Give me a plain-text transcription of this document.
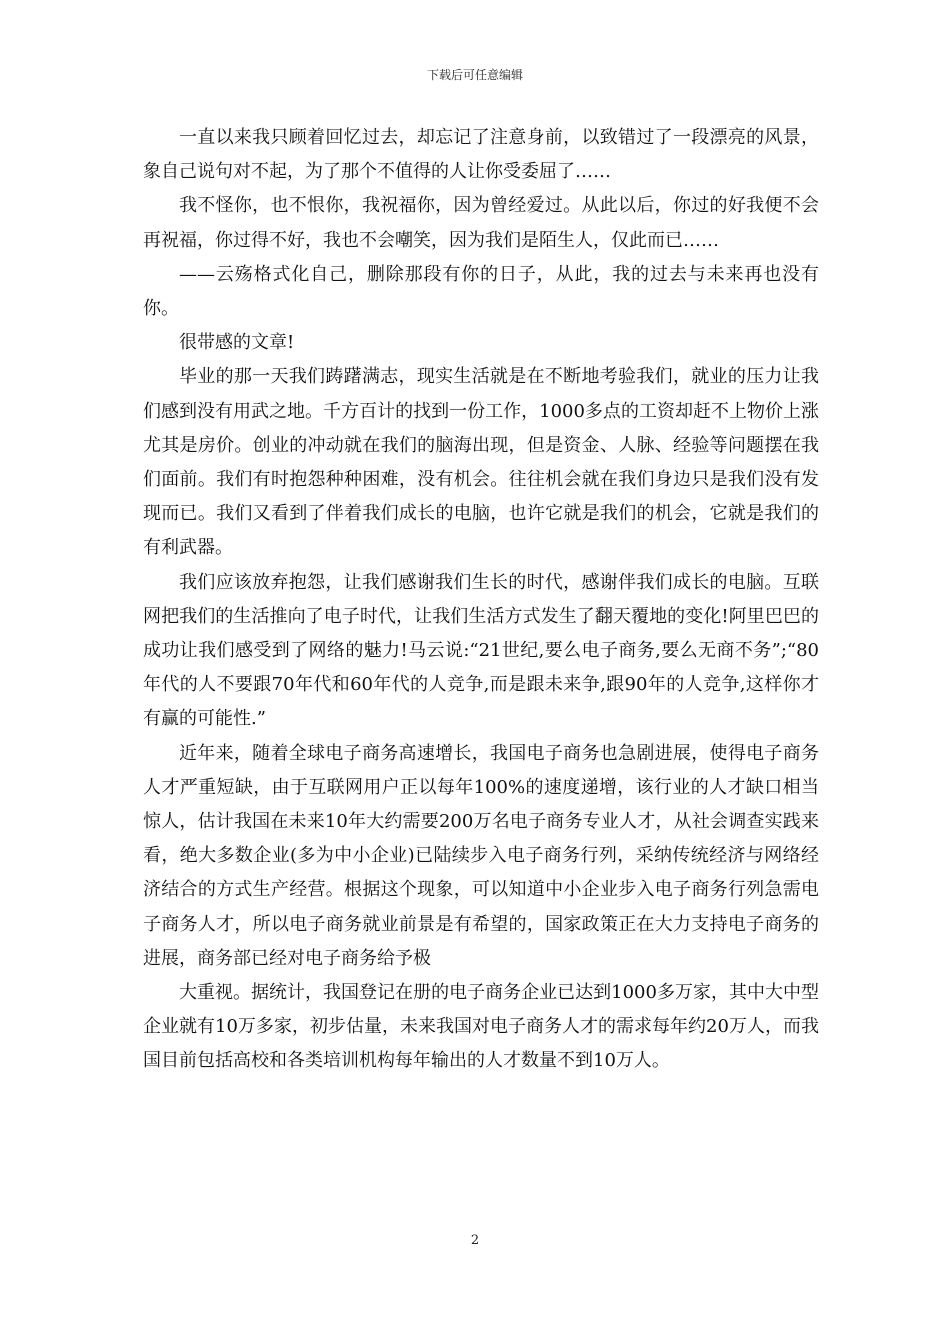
下载后可任意编辑

一直以来我只顾着回忆过去，却忘记了注意身前，以致错过了一段漂亮的风景，象自己说句对不起，为了那个不值得的人让你受委屈了……

我不怪你，也不恨你，我祝福你，因为曾经爱过。从此以后，你过的好我便不会再祝福，你过得不好，我也不会嘲笑，因为我们是陌生人，仅此而已……

——云殇格式化自己，删除那段有你的日子，从此，我的过去与未来再也没有你。

很带感的文章!

毕业的那一天我们踌躇满志，现实生活就是在不断地考验我们，就业的压力让我们感到没有用武之地。千方百计的找到一份工作，1000多点的工资却赶不上物价上涨尤其是房价。创业的冲动就在我们的脑海出现，但是资金、人脉、经验等问题摆在我们面前。我们有时抱怨种种困难，没有机会。往往机会就在我们身边只是我们没有发现而已。我们又看到了伴着我们成长的电脑，也许它就是我们的机会，它就是我们的有利武器。

我们应该放弃抱怨，让我们感谢我们生长的时代，感谢伴我们成长的电脑。互联网把我们的生活推向了电子时代，让我们生活方式发生了翻天覆地的变化!阿里巴巴的成功让我们感受到了网络的魅力!马云说:“21世纪,要么电子商务,要么无商不务”;“80年代的人不要跟70年代和60年代的人竞争,而是跟未来争,跟90年的人竞争,这样你才有赢的可能性.”

近年来，随着全球电子商务高速增长，我国电子商务也急剧进展，使得电子商务人才严重短缺，由于互联网用户正以每年100%的速度递增，该行业的人才缺口相当惊人，估计我国在未来10年大约需要200万名电子商务专业人才，从社会调查实践来看，绝大多数企业(多为中小企业)已陆续步入电子商务行列，采纳传统经济与网络经济结合的方式生产经营。根据这个现象，可以知道中小企业步入电子商务行列急需电子商务人才，所以电子商务就业前景是有希望的，国家政策正在大力支持电子商务的进展，商务部已经对电子商务给予极

大重视。据统计，我国登记在册的电子商务企业已达到1000多万家，其中大中型企业就有10万多家，初步估量，未来我国对电子商务人才的需求每年约20万人，而我国目前包括高校和各类培训机构每年输出的人才数量不到10万人。

2
